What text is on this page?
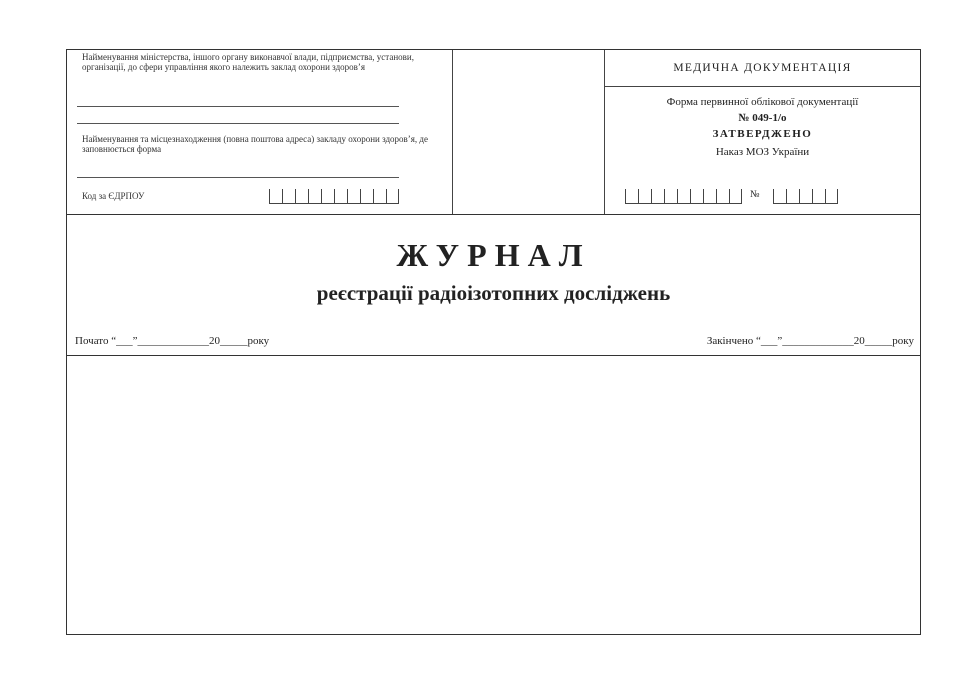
Найменування міністерства, іншого органу виконавчої влади, підприємства, установи, організації, до сфери управління якого належить заклад охорони здоров’я
Найменування та місцезнаходження (повна поштова адреса) закладу охорони здоров’я, де заповнюється форма
Код за ЄДРПОУ
МЕДИЧНА ДОКУМЕНТАЦІЯ
Форма первинної облікової документації
№ 049-1/о
ЗАТВЕРДЖЕНО
Наказ МОЗ України
№
ЖУРНАЛ
реєстрації радіоізотопних досліджень
Почато “___”_____________20_____року	Закінчено “___”_____________20_____року
